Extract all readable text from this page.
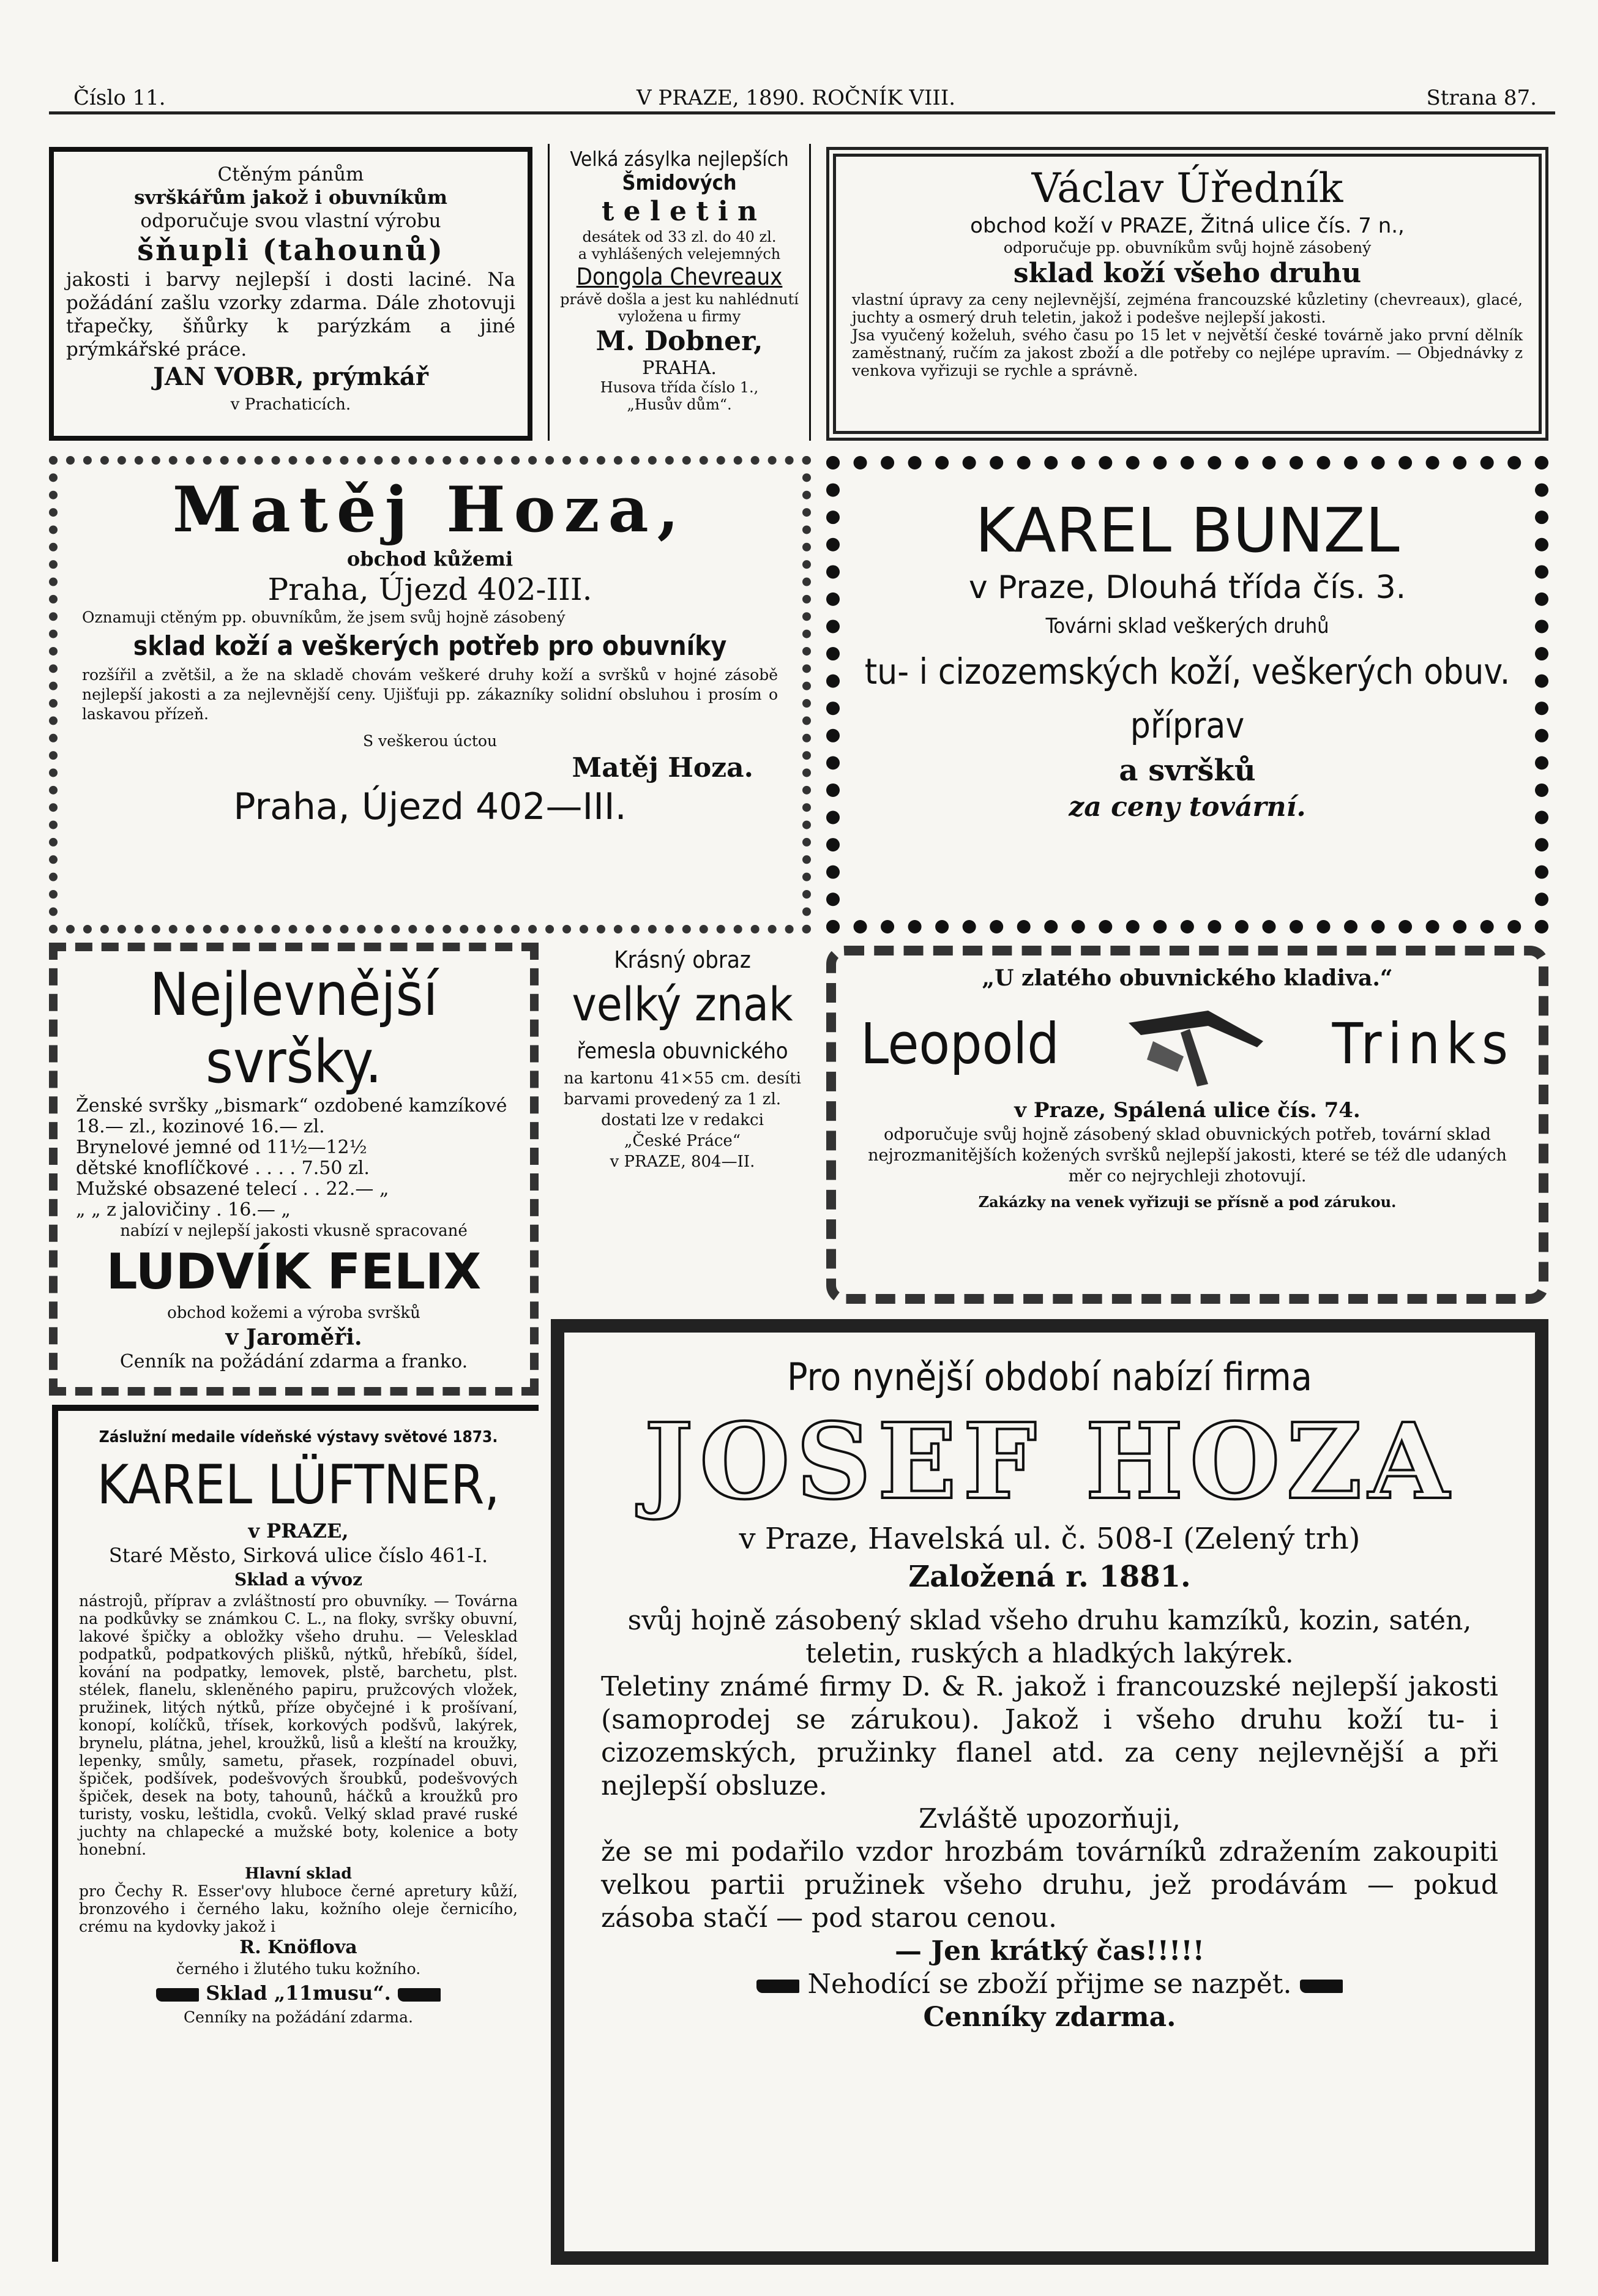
Číslo 11.	V PRAZE, 1890. ROČNÍK VIII.	Strana 87.

Ctěným pánům

svrškářům jakož i obuvníkům

odporučuje svou vlastní výrobu

šňupli (tahounů)

jakosti i barvy nejlepší i dosti laciné. Na požádání zašlu vzorky zdarma. Dále zhotovuji třapečky, šňůrky k parýzkám a jiné prýmkářské práce.

JAN VOBR, prýmkář

v Prachaticích.

Velká zásylka nejlepších

Šmidových

t e l e t i n

desátek od 33 zl. do 40 zl.

a vyhlášených velejemných

Dongola Chevreaux

právě došla a jest ku nahlédnutí vyložena u firmy

M. Dobner,

PRAHA.

Husova třída číslo 1.,

„Husův dům“.

Václav Úředník

obchod koží v PRAZE, Žitná ulice čís. 7 n.,

odporučuje pp. obuvníkům svůj hojně zásobený

sklad koží všeho druhu

vlastní úpravy za ceny nejlevnější, zejména francouzské kůzletiny (chevreaux), glacé, juchty a osmerý druh teletin, jakož i podešve nejlepší jakosti.

Jsa vyučený koželuh, svého času po 15 let v největší české továrně jako první dělník zaměstnaný, ručím za jakost zboží a dle potřeby co nejlépe upravím. — Objednávky z venkova vyřizuji se rychle a správně.

Matěj Hoza,

obchod kůžemi

Praha, Újezd 402-III.

Oznamuji ctěným pp. obuvníkům, že jsem svůj hojně zásobený

sklad koží a veškerých potřeb pro obuvníky

rozšířil a zvětšil, a že na skladě chovám veškeré druhy koží a svršků v hojné zásobě nejlepší jakosti a za nejlevnější ceny. Ujišťuji pp. zákazníky solidní obsluhou i prosím o laskavou přízeň.

S veškerou úctou

Matěj Hoza.

Praha, Újezd 402—III.

KAREL BUNZL

v Praze, Dlouhá třída čís. 3.

Továrni sklad veškerých druhů

tu- i cizozemských koží, veškerých obuv. příprav

a svršků

za ceny tovární.

Nejlevnější svršky.

Ženské svršky „bismark“ ozdobené kamzíkové 18.— zl., kozinové 16.— zl.

Brynelové jemné od 11½—12½

dětské knoflíčkové . . . . 7.50 zl.

Mužské obsazené telecí . . 22.— „

„ „ z jalovičiny . 16.— „

nabízí v nejlepší jakosti vkusně spracované

LUDVÍK FELIX

obchod kožemi a výroba svršků

v Jaroměři.

Cenník na požádání zdarma a franko.

Krásný obraz

velký znak

řemesla obuvnického

na kartonu 41×55 cm. desíti barvami provedený za 1 zl.

dostati lze v redakci

„České Práce“

v PRAZE, 804—II.

„U zlatého obuvnického kladiva.“

Leopold	Trinks

v Praze, Spálená ulice čís. 74.

odporučuje svůj hojně zásobený sklad obuvnických potřeb, tovární sklad nejrozmanitějších kožených svršků nejlepší jakosti, které se též dle udaných měr co nejrychleji zhotovují.

Zakázky na venek vyřizuji se přísně a pod zárukou.

Záslužní medaile vídeňské výstavy světové 1873.

KAREL LÜFTNER,

v PRAZE,

Staré Město, Sirková ulice číslo 461-I.

Sklad a vývoz

nástrojů, příprav a zvláštností pro obuvníky. — Továrna na podkůvky se známkou C. L., na floky, svršky obuvní, lakové špičky a obložky všeho druhu. — Velesklad podpatků, podpatkových plišků, nýtků, hřebíků, šídel, kování na podpatky, lemovek, plstě, barchetu, plst. stélek, flanelu, skleněného papiru, pružcových vložek, pružinek, litých nýtků, příze obyčejné i k prošívaní, konopí, kolíčků, třísek, korkových podšvů, lakýrek, brynelu, plátna, jehel, kroužků, lisů a kleští na kroužky, lepenky, smůly, sametu, přasek, rozpínadel obuvi, špiček, podšívek, podešvových šroubků, podešvových špiček, desek na boty, tahounů, háčků a kroužků pro turisty, vosku, leštidla, cvoků. Velký sklad pravé ruské juchty na chlapecké a mužské boty, kolenice a boty honební.

Hlavní sklad

pro Čechy R. Esser'ovy hluboce černé apretury kůží, bronzového i černého laku, kožního oleje černicího, crému na kydovky jakož i

R. Knöflova

černého i žlutého tuku kožního.

Sklad „11musu“.

Cenníky na požádání zdarma.

Pro nynější období nabízí firma

JOSEF HOZA

v Praze, Havelská ul. č. 508-I (Zelený trh)

Založená r. 1881.

svůj hojně zásobený sklad všeho druhu kamzíků, kozin, satén, teletin, ruských a hladkých lakýrek.

Teletiny známé firmy D. & R. jakož i francouzské nejlepší jakosti (samoprodej se zárukou). Jakož i všeho druhu koží tu- i cizozemských, pružinky flanel atd. za ceny nejlevnější a při nejlepší obsluze.

Zvláště upozorňuji,

že se mi podařilo vzdor hrozbám továrníků zdražením zakoupiti velkou partii pružinek všeho druhu, jež prodávám — pokud zásoba stačí — pod starou cenou.

— Jen krátký čas!!!!!

Nehodící se zboží přijme se nazpět.

Cenníky zdarma.
